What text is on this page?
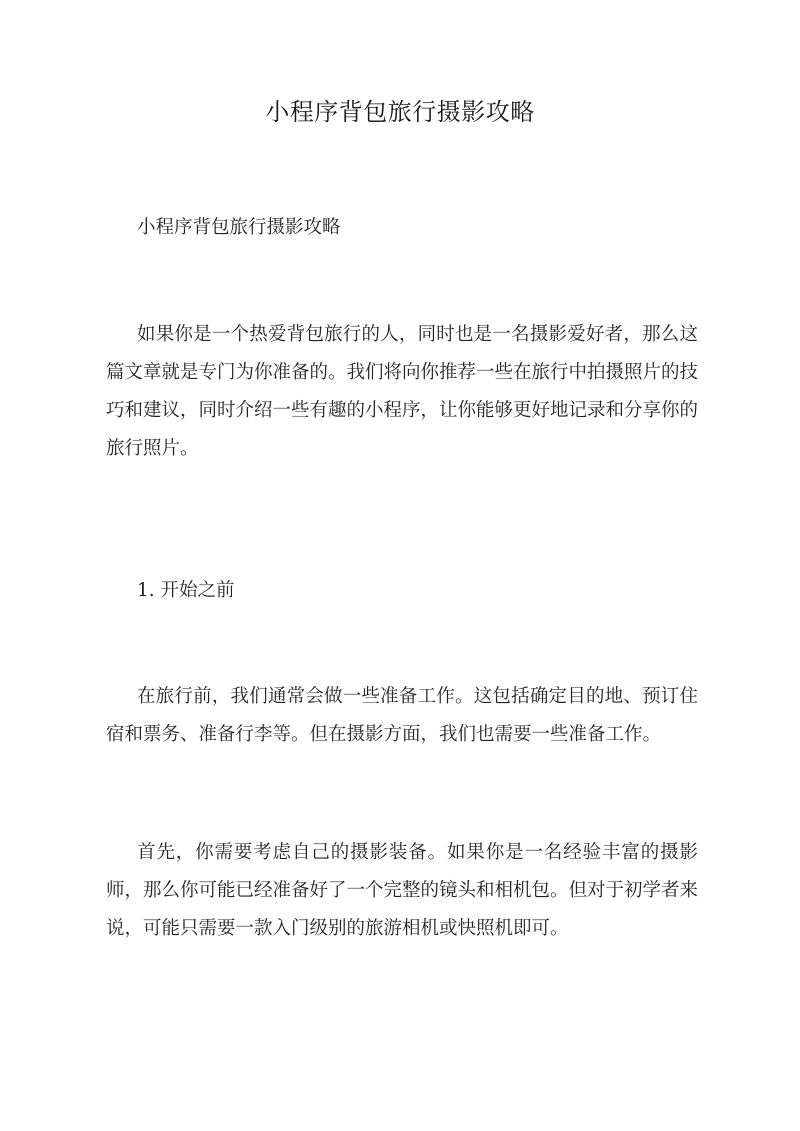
小程序背包旅行摄影攻略

小程序背包旅行摄影攻略

如果你是一个热爱背包旅行的人，同时也是一名摄影爱好者，那么这篇文章就是专门为你准备的。我们将向你推荐一些在旅行中拍摄照片的技巧和建议，同时介绍一些有趣的小程序，让你能够更好地记录和分享你的旅行照片。

1. 开始之前

在旅行前，我们通常会做一些准备工作。这包括确定目的地、预订住宿和票务、准备行李等。但在摄影方面，我们也需要一些准备工作。

首先，你需要考虑自己的摄影装备。如果你是一名经验丰富的摄影师，那么你可能已经准备好了一个完整的镜头和相机包。但对于初学者来说，可能只需要一款入门级别的旅游相机或快照机即可。
